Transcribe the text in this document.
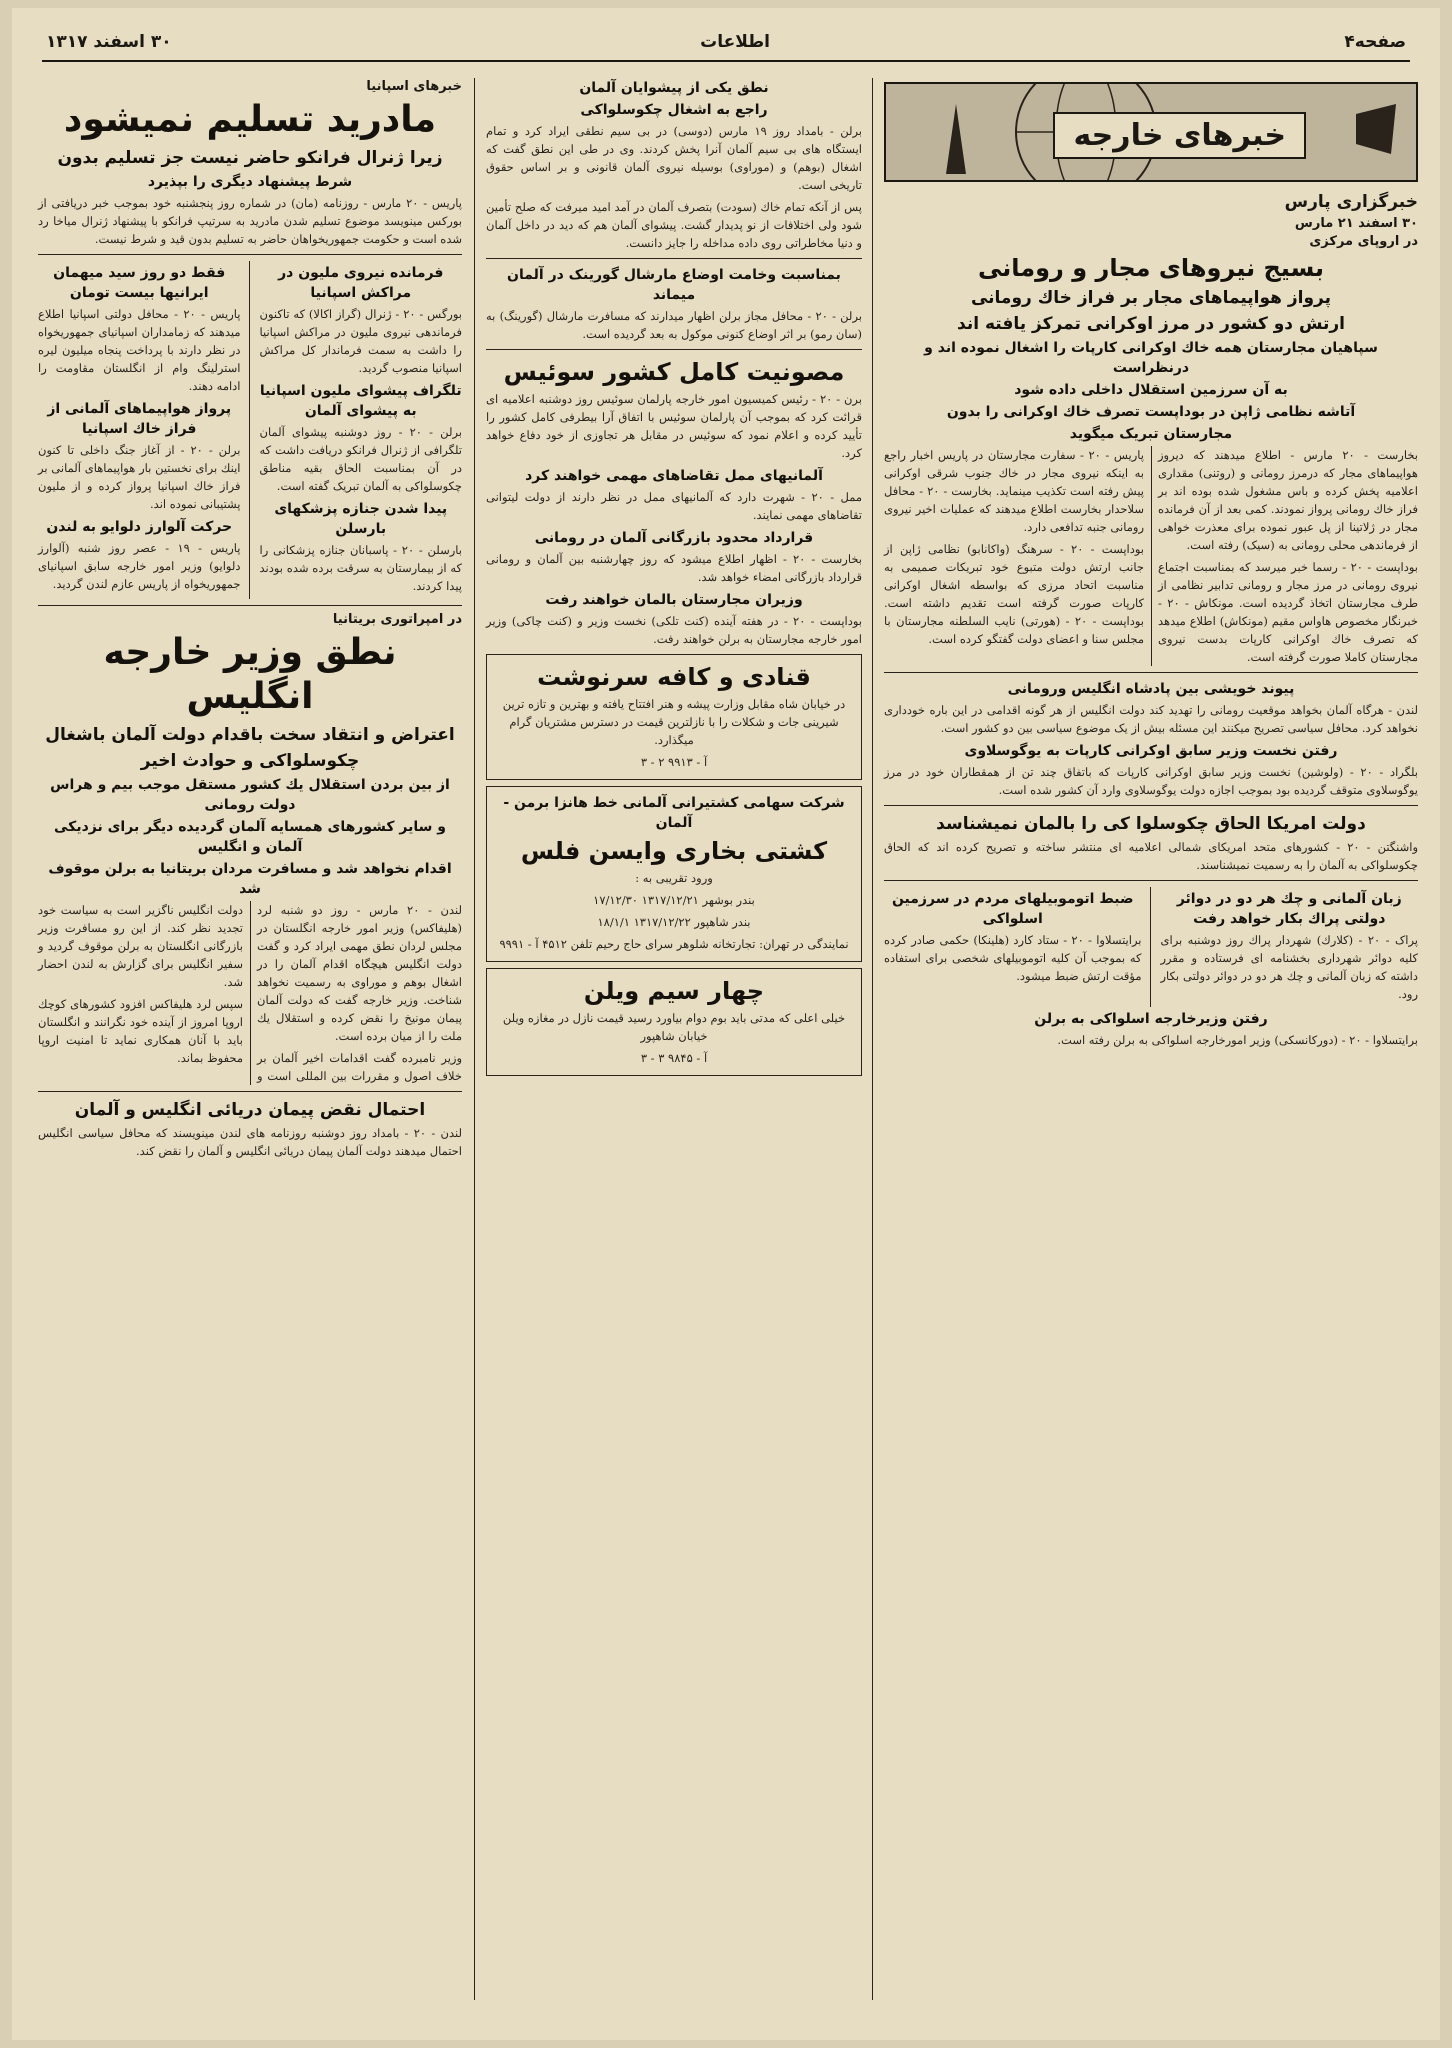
صفحه۴
اطلاعات
۳۰ اسفند ۱۳۱۷
خبرهای خارجه
خبرگزاری پارس
۳۰ اسفند ۲۱ مارس
در اروپای مرکزی
بسیج نیروهای مجار و رومانی
پرواز هواپیماهای مجار بر فراز خاك رومانی
ارتش دو کشور در مرز اوکرانی تمرکز یافته اند
سپاهیان مجارستان همه خاك اوکرانی کارپات را اشغال نموده اند و درنظراست
به آن سرزمین استقلال داخلی داده شود
آتاشه نظامی ژاپن در بوداپست تصرف خاك اوکرانی را بدون
مجارستان تبریک میگوید

بخارست - ۲۰ مارس - اطلاع میدهند که دیروز هواپیماهای مجار که درمرز رومانی و (روتنی) مقداری اعلامیه پخش کرده و باس مشغول شده بوده اند بر فراز خاك رومانی پرواز نمودند. کمی بعد از آن فرمانده مجار در ژلاتینا از پل عبور نموده برای معذرت خواهی از فرماندهی محلی رومانی به (سیک) رفته است.

بوداپست - ۲۰ - رسما خبر میرسد که بمناسبت اجتماع نیروی رومانی در مرز مجار و رومانی تدابیر نظامی از طرف مجارستان اتخاذ گردیده است. مونکاش - ۲۰ - خبرنگار مخصوص هاواس مقیم (مونکاش) اطلاع میدهد که تصرف خاك اوکرانی کارپات بدست نیروی مجارستان کاملا صورت گرفته است.

پاریس - ۲۰ - سفارت مجارستان در پاریس اخبار راجع به اینکه نیروی مجار در خاك جنوب شرقی اوکرانی پیش رفته است تکذیب مینماید. بخارست - ۲۰ - محافل سلاحدار بخارست اطلاع میدهند که عملیات اخیر نیروی رومانی جنبه تدافعی دارد.

بوداپست - ۲۰ - سرهنگ (واکانابو) نظامی ژاپن از جانب ارتش دولت متبوع خود تبریکات صمیمی به مناسبت اتحاد مرزی که بواسطه اشغال اوکرانی کارپات صورت گرفته است تقدیم داشته است. بوداپست - ۲۰ - (هورتی) نایب السلطنه مجارستان با مجلس سنا و اعضای دولت گفتگو کرده است.

پیوند خویشی بین پادشاه انگلیس ورومانی

لندن - هرگاه آلمان بخواهد موقعیت رومانی را تهدید کند دولت انگلیس از هر گونه اقدامی در این باره خودداری نخواهد کرد. محافل سیاسی تصریح میکنند این مسئله بیش از یک موضوع سیاسی بین دو کشور است.

رفتن نخست وزیر سابق اوکرانی کارپات به یوگوسلاوی

بلگراد - ۲۰ - (ولوشین) نخست وزیر سابق اوکرانی کارپات که باتفاق چند تن از همقطاران خود در مرز یوگوسلاوی متوقف گردیده بود بموجب اجازه دولت یوگوسلاوی وارد آن کشور شده است.

دولت امریکا الحاق چکوسلوا کی را بالمان نمیشناسد

واشنگتن - ۲۰ - کشورهای متحد امریکای شمالی اعلامیه ای منتشر ساخته و تصریح کرده اند که الحاق چکوسلواکی به آلمان را به رسمیت نمیشناسند.

زبان آلمانی و چك هر دو در دوائر دولتی پراك بكار خواهد رفت

پراک - ۲۰ - (کلارك) شهردار پراك روز دوشنبه برای کلیه دوائر شهرداری بخشنامه ای فرستاده و مقرر داشته که زبان آلمانی و چك هر دو در دوائر دولتی بكار رود.

ضبط اتوموبیلهای مردم در سرزمین اسلواکی

برایتسلاوا - ۲۰ - ستاد کارد (هلینکا) حکمی صادر کرده که بموجب آن کلیه اتوموبیلهای شخصی برای استفاده مؤقت ارتش ضبط میشود.

رفتن وزیرخارجه اسلواکی به برلن

برایتسلاوا - ۲۰ - (دورکانسکی) وزیر امورخارجه اسلواکی به برلن رفته است.

نطق یکی از پیشوایان آلمان
راجع به اشغال چکوسلواکی

برلن - بامداد روز ۱۹ مارس (دوسی) در بی سیم نطقی ایراد کرد و تمام ایستگاه های بی سیم آلمان آنرا پخش کردند. وی در طی این نطق گفت که اشغال (بوهم) و (موراوی) بوسیله نیروی آلمان قانونی و بر اساس حقوق تاریخی است.

پس از آنکه تمام خاك (سودت) بتصرف آلمان در آمد امید میرفت که صلح تأمین شود ولی اختلافات از نو پدیدار گشت. پیشوای آلمان هم که دید در داخل آلمان و دنیا مخاطراتی روی داده مداخله را جایز دانست.

بمناسبت وخامت اوضاع مارشال گورینک در آلمان میماند

برلن - ۲۰ - محافل مجاز برلن اظهار میدارند که مسافرت مارشال (گورینگ) به (سان رمو) بر اثر اوضاع کنونی موکول به بعد گردیده است.

مصونیت کامل کشور سوئیس

برن - ۲۰ - رئیس کمیسیون امور خارجه پارلمان سوئیس روز دوشنبه اعلامیه ای قرائت کرد که بموجب آن پارلمان سوئیس با اتفاق آرا بیطرفی کامل کشور را تأیید کرده و اعلام نمود که سوئیس در مقابل هر تجاوزی از خود دفاع خواهد کرد.

آلمانیهای ممل تقاضاهای مهمی خواهند کرد

ممل - ۲۰ - شهرت دارد که آلمانیهای ممل در نظر دارند از دولت لیتوانی تقاضاهای مهمی نمایند.

قرارداد محدود بازرگانی آلمان در رومانی

بخارست - ۲۰ - اظهار اطلاع میشود که روز چهارشنبه بین آلمان و رومانی قرارداد بازرگانی امضاء خواهد شد.

وزیران مجارستان بالمان خواهند رفت

بوداپست - ۲۰ - در هفته آینده (کنت تلکی) نخست وزیر و (کنت چاکی) وزیر امور خارجه مجارستان به برلن خواهند رفت.

قنادی و کافه سرنوشت

در خیابان شاه مقابل وزارت پیشه و هنر افتتاح یافته و بهترین و تازه ترین شیرینی جات و شکلات را با نازلترین قیمت در دسترس مشتریان گرام میگذارد.

آ - ۹۹۱۳ ۲ - ۳
شرکت سهامی کشتیرانی آلمانی خط هانزا برمن - آلمان
کشتی بخاری وایسن فلس
ورود تقریبی به :
بندر بوشهر ۱۳۱۷/۱۲/۲۱ ۱۷/۱۲/۳۰
بندر شاهپور ۱۳۱۷/۱۲/۲۲ ۱۸/۱/۱
نمایندگی در تهران: تجارتخانه شلوهر سرای حاج رحیم تلفن ۴۵۱۲ آ - ۹۹۹۱
چهار سیم ویلن

خیلی اعلی که مدتی باید بوم دوام بیاورد رسید قیمت نازل در مغازه ویلن خیابان شاهپور

آ - ۹۸۴۵ ۳ - ۳
خبرهای اسپانیا
مادرید تسلیم نمیشود
زیرا ژنرال فرانکو حاضر نیست جز تسلیم بدون
شرط پیشنهاد دیگری را بپذیرد

پاریس - ۲۰ مارس - روزنامه (مان) در شماره روز پنجشنبه خود بموجب خبر دریافتی از بورکس مینویسد موضوع تسلیم شدن مادرید به سرتیپ فرانکو با پیشنهاد ژنرال میاخا رد شده است و حکومت جمهوریخواهان حاضر به تسلیم بدون قید و شرط نیست.

فرمانده نیروی ملیون در مراکش اسپانیا

بورگس - ۲۰ - ژنرال (گراز اکالا) که تاکنون فرماندهی نیروی ملیون در مراکش اسپانیا را داشت به سمت فرماندار کل مراکش اسپانیا منصوب گردید.

تلگراف پیشوای ملیون اسپانیا به پیشوای آلمان

برلن - ۲۰ - روز دوشنبه پیشوای آلمان تلگرافی از ژنرال فرانکو دریافت داشت که در آن بمناسبت الحاق بقیه مناطق چکوسلواکی به آلمان تبریک گفته است.

پیدا شدن جنازه پزشکهای بارسلن

بارسلن - ۲۰ - پاسبانان جنازه پزشکانی را که از بیمارستان به سرقت برده شده بودند پیدا کردند.

فقط دو روز سید میهمان ایرانیها بیست تومان

پاریس - ۲۰ - محافل دولتی اسپانیا اطلاع میدهند که زمامداران اسپانیای جمهوریخواه در نظر دارند با پرداخت پنجاه میلیون لیره استرلینگ وام از انگلستان مقاومت را ادامه دهند.

پرواز هواپیماهای آلمانی از فراز خاك اسپانیا

برلن - ۲۰ - از آغاز جنگ داخلی تا کنون اینك برای نخستین بار هواپیماهای آلمانی بر فراز خاك اسپانیا پرواز کرده و از ملیون پشتیبانی نموده اند.

حرکت آلوارز دلوایو به لندن

پاریس - ۱۹ - عصر روز شنبه (آلوارز دلوایو) وزیر امور خارجه سابق اسپانیای جمهوریخواه از پاریس عازم لندن گردید.

در امپراتوری بریتانیا
نطق وزیر خارجه انگلیس
اعتراض و انتقاد سخت باقدام دولت آلمان باشغال
چکوسلواکی و حوادث اخیر
از بین بردن استقلال یك كشور مستقل موجب بیم و هراس دولت رومانی
و سایر كشورهای همسایه آلمان گردیده دیگر برای نزدیکی آلمان و انگلیس
اقدام نخواهد شد و مسافرت مردان بریتانیا به برلن موقوف شد

لندن - ۲۰ مارس - روز دو شنبه لرد (هلیفاکس) وزیر امور خارجه انگلستان در مجلس لردان نطق مهمی ایراد کرد و گفت دولت انگلیس هیچگاه اقدام آلمان را در اشغال بوهم و موراوی به رسمیت نخواهد شناخت. وزیر خارجه گفت که دولت آلمان پیمان مونیخ را نقض کرده و استقلال یك ملت را از میان برده است.

وزیر نامبرده گفت اقدامات اخیر آلمان بر خلاف اصول و مقررات بین المللی است و دولت انگلیس ناگزیر است به سیاست خود تجدید نظر کند. از این رو مسافرت وزیر بازرگانی انگلستان به برلن موقوف گردید و سفیر انگلیس برای گزارش به لندن احضار شد.

سپس لرد هلیفاکس افزود کشورهای کوچك اروپا امروز از آینده خود نگرانند و انگلستان باید با آنان همکاری نماید تا امنیت اروپا محفوظ بماند.

احتمال نقض پیمان دریائی انگلیس و آلمان

لندن - ۲۰ - بامداد روز دوشنبه روزنامه های لندن مینویسند که محافل سیاسی انگلیس احتمال میدهند دولت آلمان پیمان دریائی انگلیس و آلمان را نقض کند.
